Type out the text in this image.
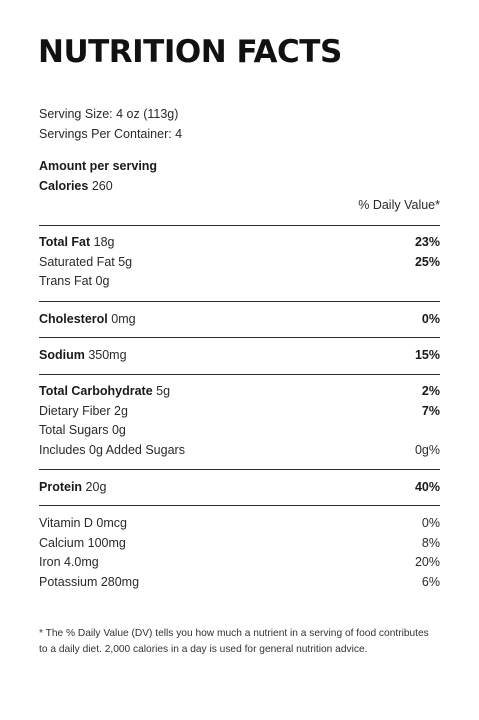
NUTRITION FACTS
Serving Size: 4 oz (113g)
Servings Per Container: 4
Amount per serving
Calories 260
% Daily Value*
Total Fat 18g	23%
Saturated Fat 5g	25%
Trans Fat 0g
Cholesterol 0mg	0%
Sodium 350mg	15%
Total Carbohydrate 5g	2%
Dietary Fiber 2g	7%
Total Sugars 0g
Includes 0g Added Sugars	0g%
Protein 20g	40%
Vitamin D 0mcg	0%
Calcium 100mg	8%
Iron 4.0mg	20%
Potassium 280mg	6%
* The % Daily Value (DV) tells you how much a nutrient in a serving of food contributes to a daily diet. 2,000 calories in a day is used for general nutrition advice.
